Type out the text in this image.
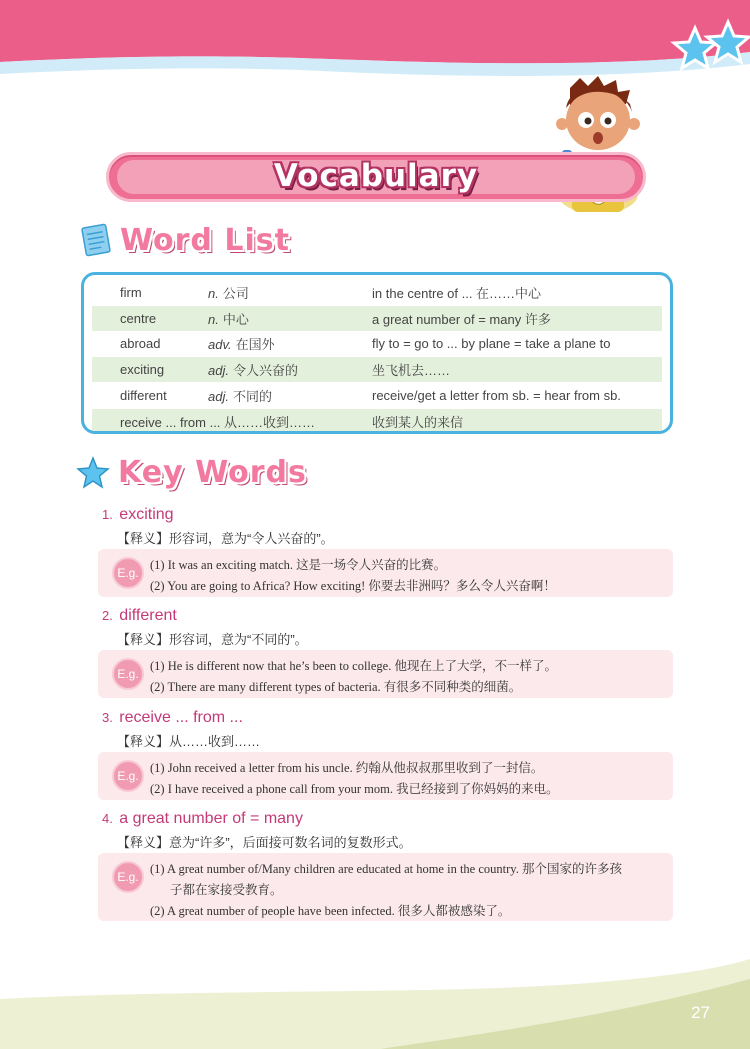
Vocabulary
Word List
firm	n. 公司	in the centre of ... 在……中心
centre	n. 中心	a great number of = many 许多
abroad	adv. 在国外	fly to = go to ... by plane = take a plane to
exciting	adj. 令人兴奋的	坐飞机去……
different	adj. 不同的	receive/get a letter from sb. = hear from sb.
receive ... from ... 从……收到……	收到某人的来信
Key Words
1. exciting
【释义】形容词，意为“令人兴奋的”。
E.g.
(1) It was an exciting match. 这是一场令人兴奋的比赛。
(2) You are going to Africa? How exciting! 你要去非洲吗？多么令人兴奋啊！
2. different
【释义】形容词，意为“不同的”。
E.g.
(1) He is different now that he’s been to college. 他现在上了大学，不一样了。
(2) There are many different types of bacteria. 有很多不同种类的细菌。
3. receive ... from ...
【释义】从……收到……
E.g.
(1) John received a letter from his uncle. 约翰从他叔叔那里收到了一封信。
(2) I have received a phone call from your mom. 我已经接到了你妈妈的来电。
4. a great number of = many
【释义】意为“许多”，后面接可数名词的复数形式。
E.g.
(1) A great number of/Many children are educated at home in the country. 那个国家的许多孩
子都在家接受教育。
(2) A great number of people have been infected. 很多人都被感染了。
27
